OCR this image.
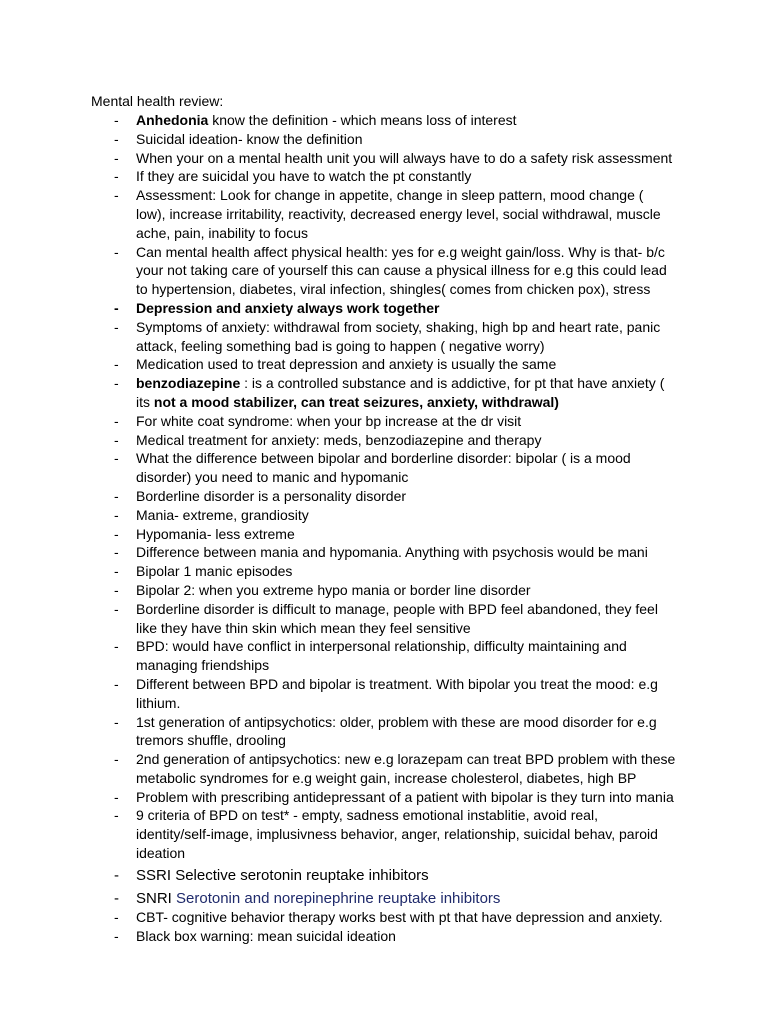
Mental health review:
- Anhedonia know the definition - which means loss of interest
- Suicidal ideation- know the definition
- When your on a mental health unit you will always have to do a safety risk assessment
- If they are suicidal you have to watch the pt constantly
- Assessment: Look for change in appetite, change in sleep pattern, mood change ( low), increase irritability, reactivity, decreased energy level, social withdrawal, muscle ache, pain, inability to focus
- Can mental health affect physical health: yes for e.g weight gain/loss. Why is that- b/c your not taking care of yourself this can cause a physical illness for e.g this could lead to hypertension, diabetes, viral infection, shingles( comes from chicken pox), stress
- Depression and anxiety always work together
- Symptoms of anxiety: withdrawal from society, shaking, high bp and heart rate, panic attack, feeling something bad is going to happen ( negative worry)
- Medication used to treat depression and anxiety is usually the same
- benzodiazepine : is a controlled substance and is addictive, for pt that have anxiety ( its not a mood stabilizer, can treat seizures, anxiety, withdrawal)
- For white coat syndrome: when your bp increase at the dr visit
- Medical treatment for anxiety: meds, benzodiazepine and therapy
- What the difference between bipolar and borderline disorder: bipolar ( is a mood disorder) you need to manic and hypomanic
- Borderline disorder is a personality disorder
- Mania- extreme, grandiosity
- Hypomania- less extreme
- Difference between mania and hypomania. Anything with psychosis would be mani
- Bipolar 1 manic episodes
- Bipolar 2: when you extreme hypo mania or border line disorder
- Borderline disorder is difficult to manage, people with BPD feel abandoned, they feel like they have thin skin which mean they feel sensitive
- BPD: would have conflict in interpersonal relationship, difficulty maintaining and managing friendships
- Different between BPD and bipolar is treatment. With bipolar you treat the mood: e.g lithium.
- 1st generation of antipsychotics: older, problem with these are mood disorder for e.g tremors shuffle, drooling
- 2nd generation of antipsychotics: new e.g lorazepam can treat BPD problem with these metabolic syndromes for e.g weight gain, increase cholesterol, diabetes, high BP
- Problem with prescribing antidepressant of a patient with bipolar is they turn into mania
- 9 criteria of BPD on test* - empty, sadness emotional instablitie, avoid real, identity/self-image, implusivness behavior, anger, relationship, suicidal behav, paroid ideation
- SSRI Selective serotonin reuptake inhibitors
- SNRI Serotonin and norepinephrine reuptake inhibitors
- CBT- cognitive behavior therapy works best with pt that have depression and anxiety.
- Black box warning: mean suicidal ideation
